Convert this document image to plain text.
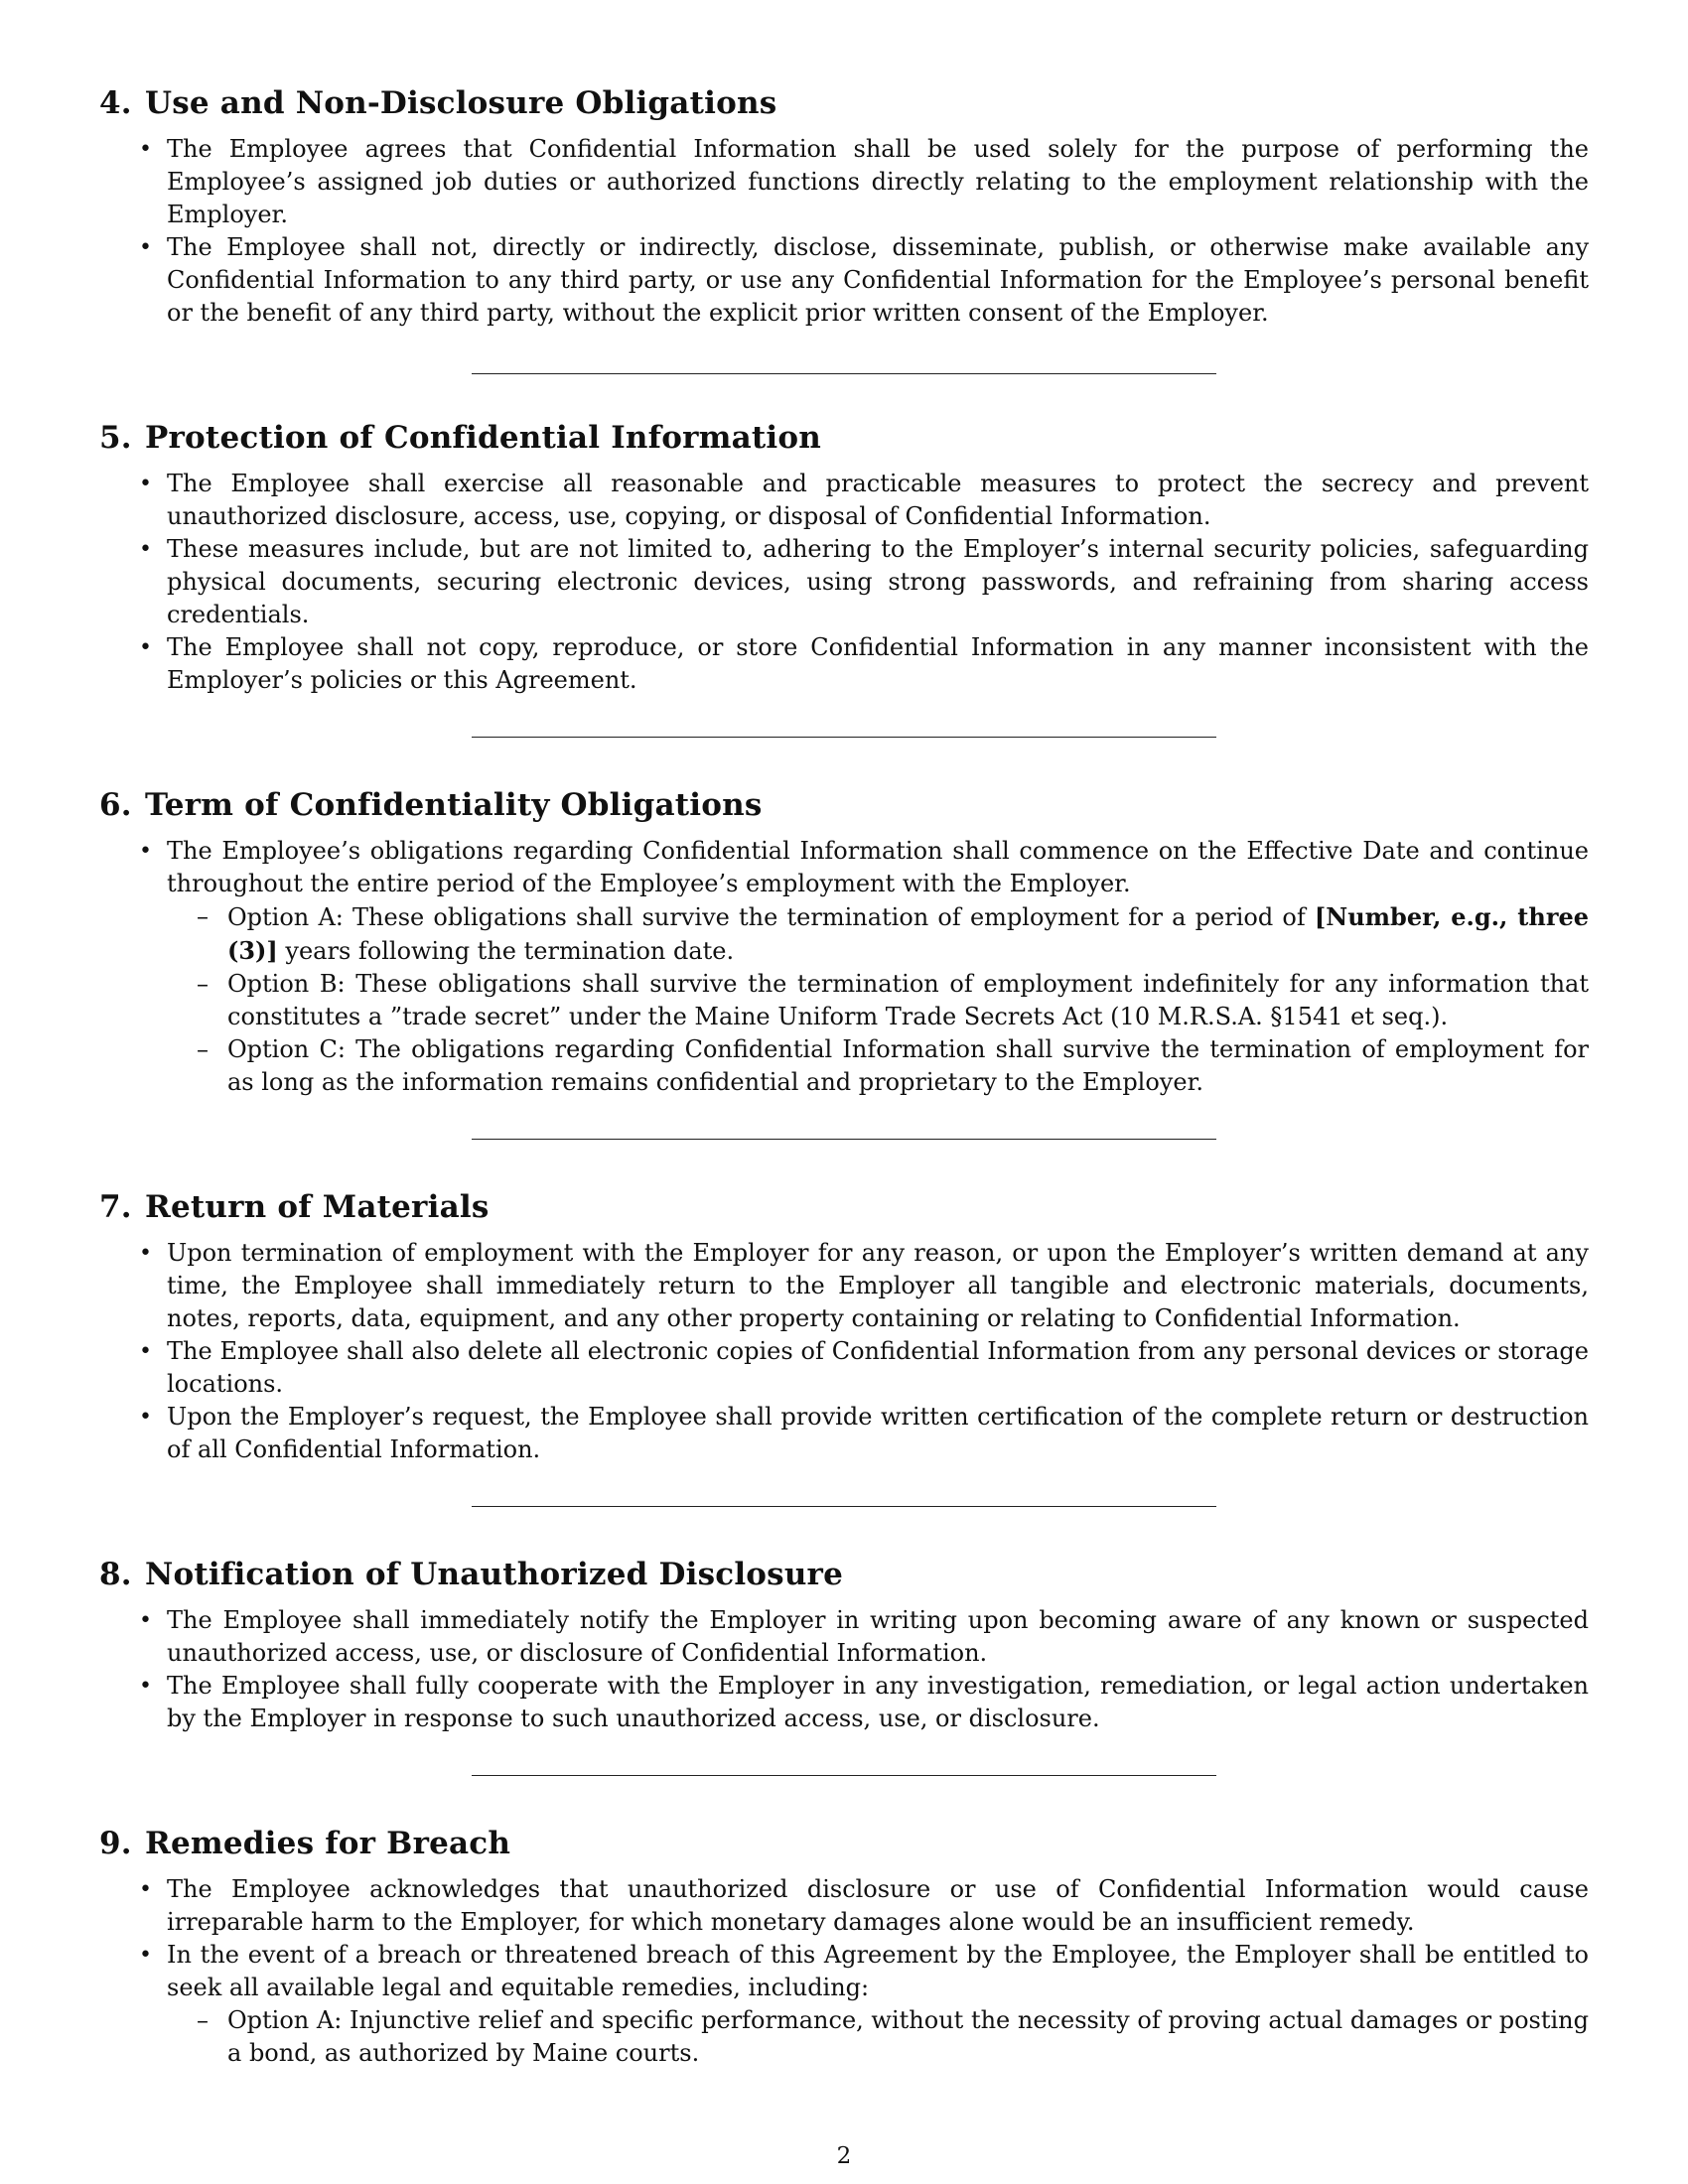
4. Use and Non-Disclosure Obligations
• The Employee agrees that Confidential Information shall be used solely for the purpose of performing the Employee’s assigned job duties or authorized functions directly relating to the employment relationship with the Employer.
• The Employee shall not, directly or indirectly, disclose, disseminate, publish, or otherwise make available any Confidential Information to any third party, or use any Confidential Information for the Employee’s personal benefit or the benefit of any third party, without the explicit prior written consent of the Employer.
5. Protection of Confidential Information
• The Employee shall exercise all reasonable and practicable measures to protect the secrecy and prevent unauthorized disclosure, access, use, copying, or disposal of Confidential Information.
• These measures include, but are not limited to, adhering to the Employer’s internal security policies, safeguarding physical documents, securing electronic devices, using strong passwords, and refraining from sharing access credentials.
• The Employee shall not copy, reproduce, or store Confidential Information in any manner inconsistent with the Employer’s policies or this Agreement.
6. Term of Confidentiality Obligations
• The Employee’s obligations regarding Confidential Information shall commence on the Effective Date and continue throughout the entire period of the Employee’s employment with the Employer.
– Option A: These obligations shall survive the termination of employment for a period of [Number, e.g., three (3)] years following the termination date.
– Option B: These obligations shall survive the termination of employment indefinitely for any information that constitutes a ”trade secret” under the Maine Uniform Trade Secrets Act (10 M.R.S.A. §1541 et seq.).
– Option C: The obligations regarding Confidential Information shall survive the termination of employment for as long as the information remains confidential and proprietary to the Employer.
7. Return of Materials
• Upon termination of employment with the Employer for any reason, or upon the Employer’s written demand at any time, the Employee shall immediately return to the Employer all tangible and electronic materials, documents, notes, reports, data, equipment, and any other property containing or relating to Confidential Information.
• The Employee shall also delete all electronic copies of Confidential Information from any personal devices or storage locations.
• Upon the Employer’s request, the Employee shall provide written certification of the complete return or destruction of all Confidential Information.
8. Notification of Unauthorized Disclosure
• The Employee shall immediately notify the Employer in writing upon becoming aware of any known or suspected unauthorized access, use, or disclosure of Confidential Information.
• The Employee shall fully cooperate with the Employer in any investigation, remediation, or legal action undertaken by the Employer in response to such unauthorized access, use, or disclosure.
9. Remedies for Breach
• The Employee acknowledges that unauthorized disclosure or use of Confidential Information would cause irreparable harm to the Employer, for which monetary damages alone would be an insufficient remedy.
• In the event of a breach or threatened breach of this Agreement by the Employee, the Employer shall be entitled to seek all available legal and equitable remedies, including:
– Option A: Injunctive relief and specific performance, without the necessity of proving actual damages or posting a bond, as authorized by Maine courts.
2
